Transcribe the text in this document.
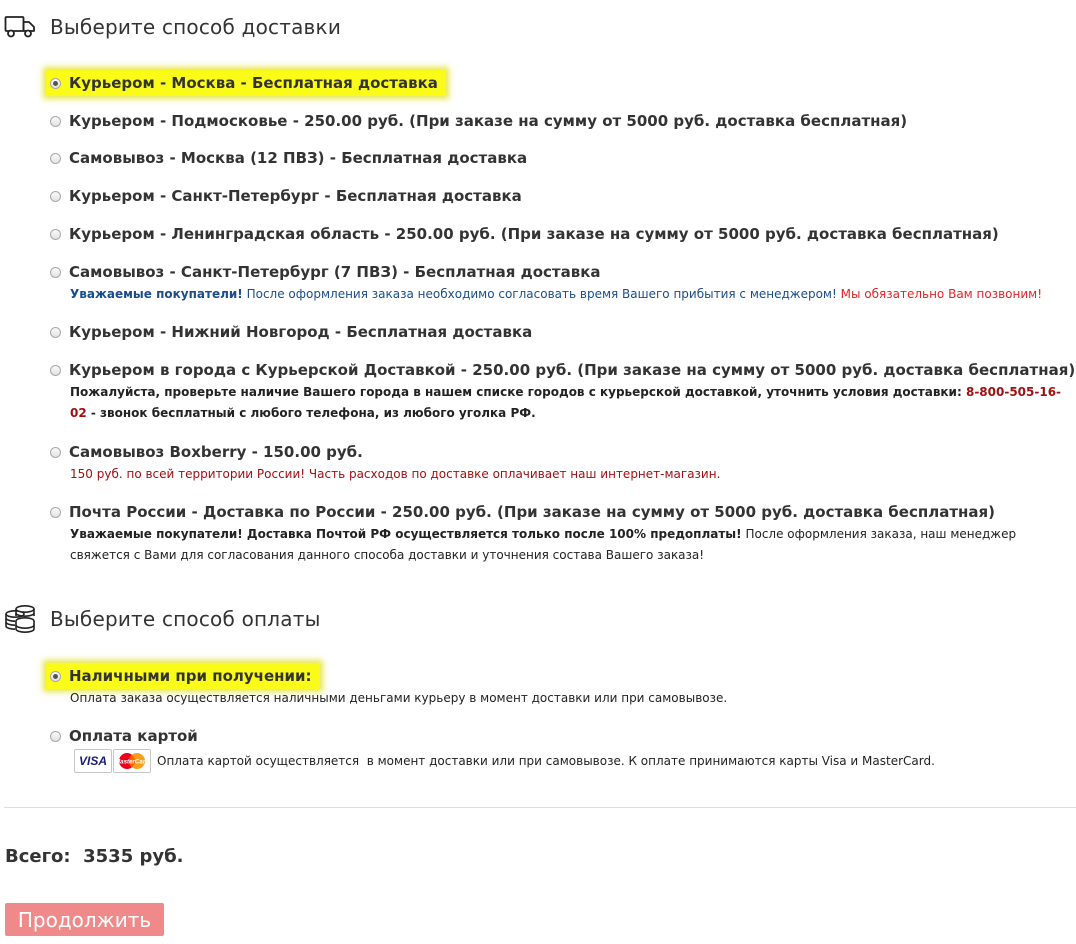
Выберите способ доставки
Курьером - Москва - Бесплатная доставка
Курьером - Подмосковье - 250.00 руб. (При заказе на сумму от 5000 руб. доставка бесплатная)
Самовывоз - Москва (12 ПВЗ) - Бесплатная доставка
Курьером - Санкт-Петербург - Бесплатная доставка
Курьером - Ленинградская область - 250.00 руб. (При заказе на сумму от 5000 руб. доставка бесплатная)
Самовывоз - Санкт-Петербург (7 ПВЗ) - Бесплатная доставка
Уважаемые покупатели! После оформления заказа необходимо согласовать время Вашего прибытия с менеджером! Мы обязательно Вам позвоним!
Курьером - Нижний Новгород - Бесплатная доставка
Курьером в города с Курьерской Доставкой - 250.00 руб. (При заказе на сумму от 5000 руб. доставка бесплатная)
Пожалуйста, проверьте наличие Вашего города в нашем списке городов с курьерской доставкой, уточнить условия доставки: 8-800-505-16-02 - звонок бесплатный с любого телефона, из любого уголка РФ.
Самовывоз Boxberry - 150.00 руб.
150 руб. по всей территории России! Часть расходов по доставке оплачивает наш интернет-магазин.
Почта России - Доставка по России - 250.00 руб. (При заказе на сумму от 5000 руб. доставка бесплатная)
Уважаемые покупатели! Доставка Почтой РФ осуществляется только после 100% предоплаты! После оформления заказа, наш менеджер свяжется с Вами для согласования данного способа доставки и уточнения состава Вашего заказа!
Выберите способ оплаты
Наличными при получении:
Оплата заказа осуществляется наличными деньгами курьеру в момент доставки или при самовывозе.
Оплата картой
VISA	MasterCard Оплата картой осуществляется  в момент доставки или при самовывозе. К оплате принимаются карты Visa и MasterCard.
Всего: 3535 руб.
Продолжить
